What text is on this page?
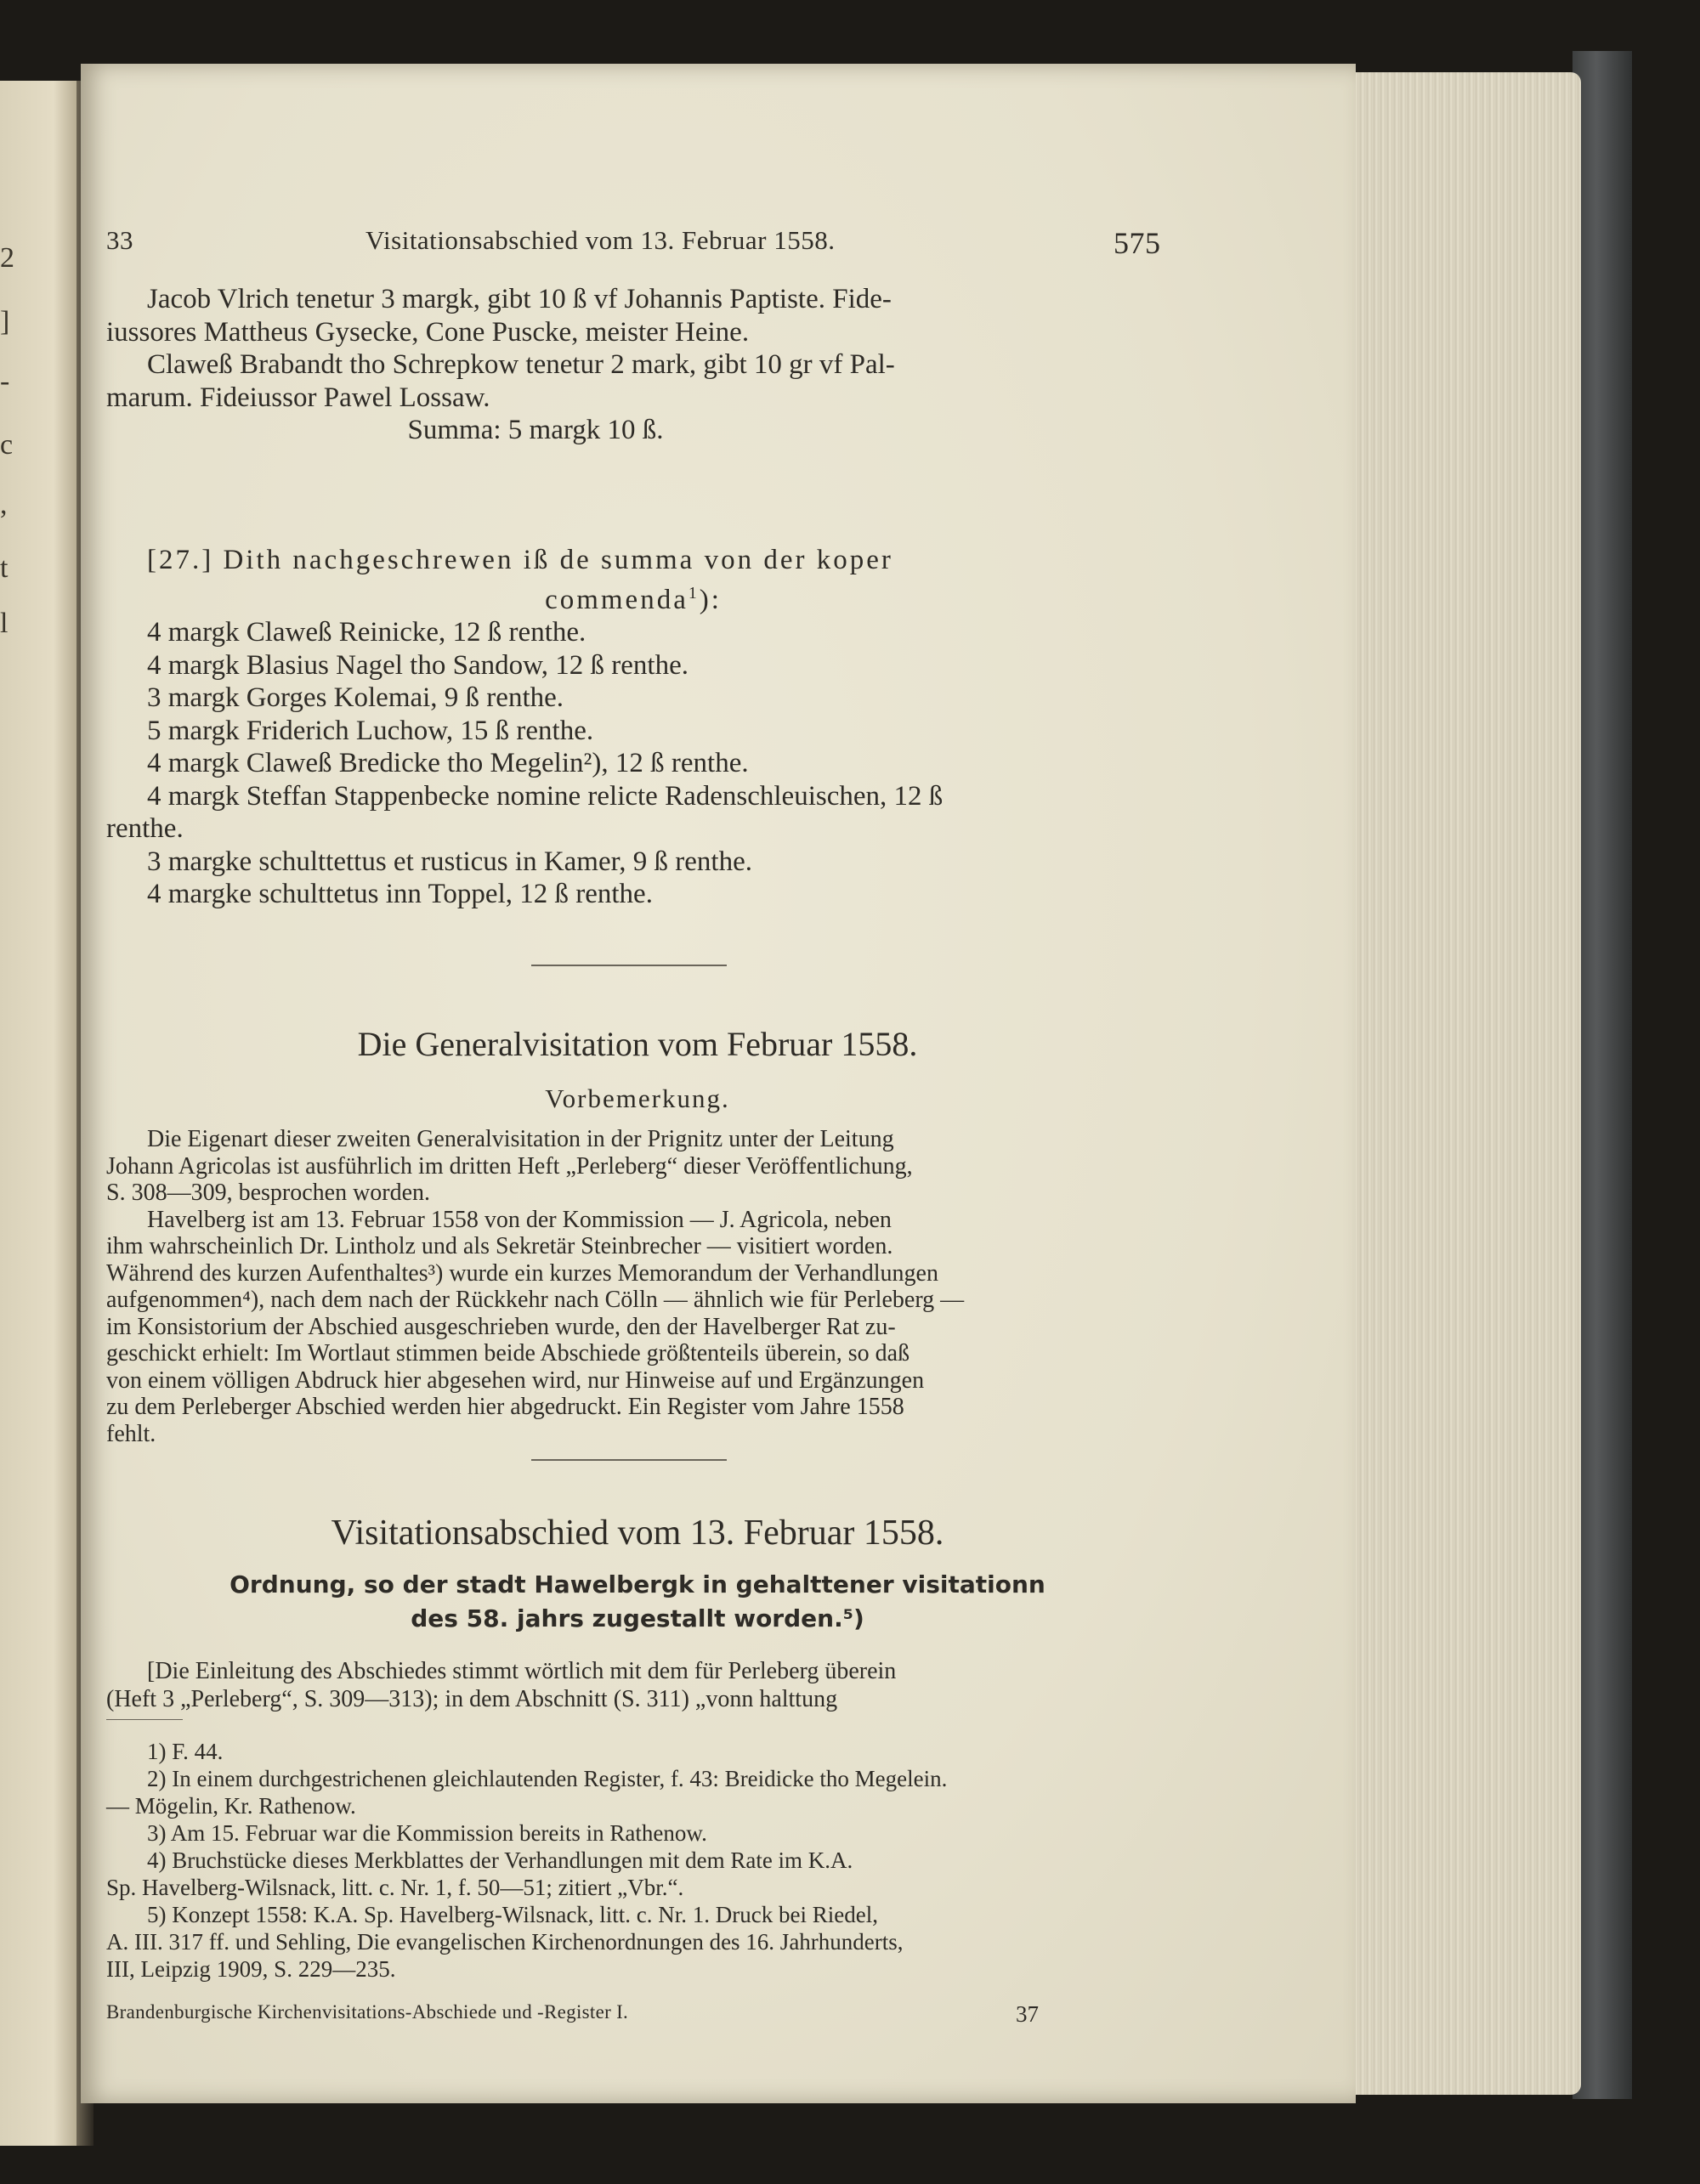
2
]
-
c
,
t
l
33	Visitationsabschied vom 13. Februar 1558.	575

Jacob Vlrich tenetur 3 margk, gibt 10 ß vf Johannis Paptiste. Fide-

iussores Mattheus Gysecke, Cone Puscke, meister Heine.

Claweß Brabandt tho Schrepkow tenetur 2 mark, gibt 10 gr vf Pal-

marum. Fideiussor Pawel Lossaw.

Summa: 5 margk 10 ß.

[27.] Dith nachgeschrewen iß de summa von der koper

commenda$^1$):

4 margk Claweß Reinicke, 12 ß renthe.

4 margk Blasius Nagel tho Sandow, 12 ß renthe.

3 margk Gorges Kolemai, 9 ß renthe.

5 margk Friderich Luchow, 15 ß renthe.

4 margk Claweß Bredicke tho Megelin²), 12 ß renthe.

4 margk Steffan Stappenbecke nomine relicte Radenschleuischen, 12 ß

renthe.

3 margke schulttettus et rusticus in Kamer, 9 ß renthe.

4 margke schulttetus inn Toppel, 12 ß renthe.

Die Generalvisitation vom Februar 1558.
Vorbemerkung.

Die Eigenart dieser zweiten Generalvisitation in der Prignitz unter der Leitung

Johann Agricolas ist ausführlich im dritten Heft „Perleberg“ dieser Veröffentlichung,

S. 308—309, besprochen worden.

Havelberg ist am 13. Februar 1558 von der Kommission — J. Agricola, neben

ihm wahrscheinlich Dr. Lintholz und als Sekretär Steinbrecher — visitiert worden.

Während des kurzen Aufenthaltes³) wurde ein kurzes Memorandum der Verhandlungen

aufgenommen⁴), nach dem nach der Rückkehr nach Cölln — ähnlich wie für Perleberg —

im Konsistorium der Abschied ausgeschrieben wurde, den der Havelberger Rat zu-

geschickt erhielt: Im Wortlaut stimmen beide Abschiede größtenteils überein, so daß

von einem völligen Abdruck hier abgesehen wird, nur Hinweise auf und Ergänzungen

zu dem Perleberger Abschied werden hier abgedruckt. Ein Register vom Jahre 1558

fehlt.

Visitationsabschied vom 13. Februar 1558.
Ordnung, so der stadt Hawelbergk in gehalttener visitationn
des 58. jahrs zugestallt worden.⁵)

[Die Einleitung des Abschiedes stimmt wörtlich mit dem für Perleberg überein

(Heft 3 „Perleberg“, S. 309—313); in dem Abschnitt (S. 311) „vonn halttung

1) F. 44.

2) In einem durchgestrichenen gleichlautenden Register, f. 43: Breidicke tho Megelein.

— Mögelin, Kr. Rathenow.

3) Am 15. Februar war die Kommission bereits in Rathenow.

4) Bruchstücke dieses Merkblattes der Verhandlungen mit dem Rate im K.A.

Sp. Havelberg-Wilsnack, litt. c. Nr. 1, f. 50—51; zitiert „Vbr.“.

5) Konzept 1558: K.A. Sp. Havelberg-Wilsnack, litt. c. Nr. 1. Druck bei Riedel,

A. III. 317 ff. und Sehling, Die evangelischen Kirchenordnungen des 16. Jahrhunderts,

III, Leipzig 1909, S. 229—235.

Brandenburgische Kirchenvisitations-Abschiede und -Register I.	37
